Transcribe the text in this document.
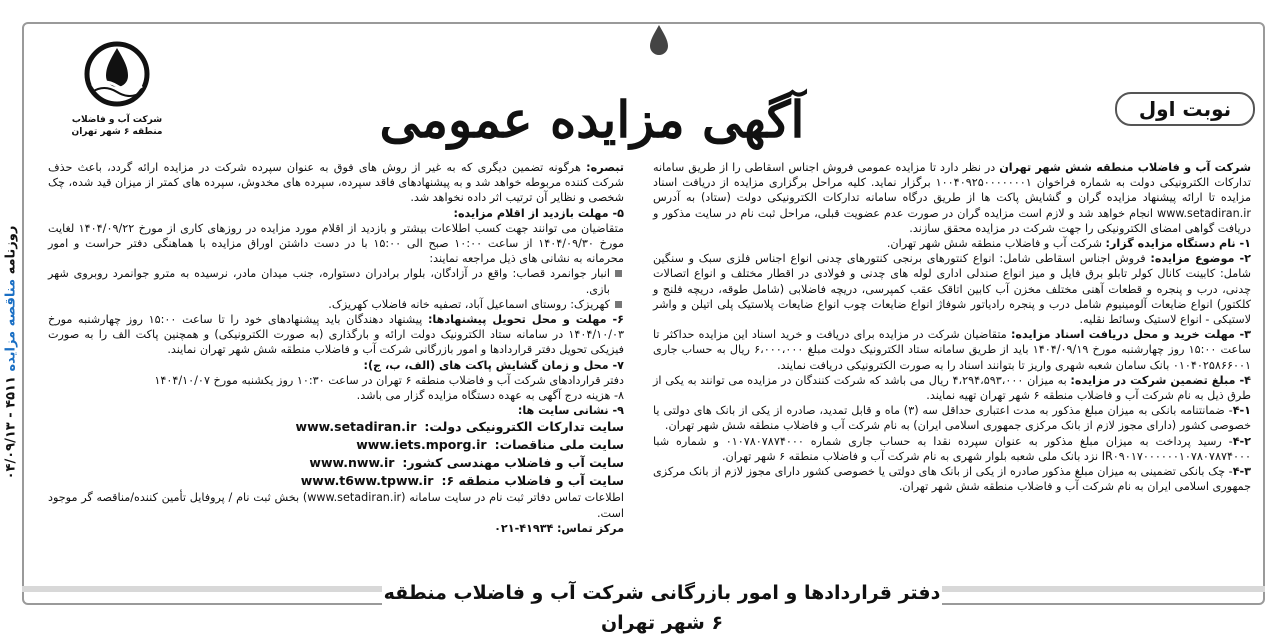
روزنامه مناقصه مزایده ۰۴/۰۹/۱۳ - ۴۵۱۱
آگهی مزایده عمومی	نوبت اول
شرکت آب و فاضلاب
منطقه ۶ شهر تهران

شرکت آب و فاضلاب منطقه شش شهر تهران در نظر دارد تا مزایده عمومی فروش اجناس اسقاطی را از طریق سامانه تدارکات الکترونیکی دولت به شماره فراخوان ۱۰۰۴۰۹۲۵۰۰۰۰۰۰۰۱ برگزار نماید. کلیه مراحل برگزاری مزایده از دریافت اسناد مزایده تا ارائه پیشنهاد مزایده گران و گشایش پاکت ها از طریق درگاه سامانه تدارکات الکترونیکی دولت (ستاد) به آدرس www.setadiran.ir انجام خواهد شد و لازم است مزایده گران در صورت عدم عضویت قبلی، مراحل ثبت نام در سایت مذکور و دریافت گواهی امضای الکترونیکی را جهت شرکت در مزایده محقق سازند.

۱- نام دستگاه مزایده گزار: شرکت آب و فاضلاب منطقه شش شهر تهران.

۲- موضوع مزایده: فروش اجناس اسقاطی شامل: انواع کنتورهای برنجی کنتورهای چدنی انواع اجناس فلزی سبک و سنگین شامل: کابینت کانال کولر تابلو برق فایل و میز انواع صندلی اداری لوله های چدنی و فولادی در اقطار مختلف و انواع اتصالات چدنی، درب و پنجره و قطعات آهنی مختلف مخزن آب کابین اتاقک عقب کمپرسی، دریچه فاضلابی (شامل طوقه، دریچه فلنج و کلکتور) انواع ضایعات آلومینیوم شامل درب و پنجره رادیاتور شوفاژ انواع ضایعات چوب انواع ضایعات پلاستیک پلی اتیلن و واشر لاستیکی - انواع لاستیک وسائط نقلیه.

۳- مهلت خرید و محل دریافت اسناد مزایده: متقاضیان شرکت در مزایده برای دریافت و خرید اسناد این مزایده حداکثر تا ساعت ۱۵:۰۰ روز چهارشنبه مورخ ۱۴۰۴/۰۹/۱۹ باید از طریق سامانه ستاد الکترونیک دولت مبلغ ۶،۰۰۰،۰۰۰ ریال به حساب جاری ۰۱۰۴۰۲۵۸۶۶۰۰۱ بانک سامان شعبه شهری واریز تا بتوانند اسناد را به صورت الکترونیکی دریافت نمایند.

۴- مبلغ تضمین شرکت در مزایده: به میزان ۴،۲۹۴،۵۹۳،۰۰۰ ریال می باشد که شرکت کنندگان در مزایده می توانند به یکی از طرق ذیل به نام شرکت آب و فاضلاب منطقه ۶ شهر تهران تهیه نمایند.

۴-۱- ضمانتنامه بانکی به میزان مبلغ مذکور به مدت اعتباری حداقل سه (۳) ماه و قابل تمدید، صادره از یکی از بانک های دولتی یا خصوصی کشور (دارای مجوز لازم از بانک مرکزی جمهوری اسلامی ایران) به نام شرکت آب و فاضلاب منطقه شش شهر تهران.

۴-۲- رسید پرداخت به میزان مبلغ مذکور به عنوان سپرده نقدا به حساب جاری شماره ۰۱۰۷۸۰۷۸۷۴۰۰۰ و شماره شبا IR۰۹۰۱۷۰۰۰۰۰۰۱۰۷۸۰۷۸۷۴۰۰۰ نزد بانک ملی شعبه بلوار شهری به نام شرکت آب و فاضلاب منطقه ۶ شهر تهران.

۴-۳- چک بانکی تضمینی به میزان مبلغ مذکور صادره از یکی از بانک های دولتی یا خصوصی کشور دارای مجوز لازم از بانک مرکزی جمهوری اسلامی ایران به نام شرکت آب و فاضلاب منطقه شش شهر تهران.

تبصره: هرگونه تضمین دیگری که به غیر از روش های فوق به عنوان سپرده شرکت در مزایده ارائه گردد، باعث حذف شرکت کننده مربوطه خواهد شد و به پیشنهادهای فاقد سپرده، سپرده های مخدوش، سپرده های کمتر از میزان قید شده، چک شخصی و نظایر آن ترتیب اثر داده نخواهد شد.

۵- مهلت بازدید از اقلام مزایده:

متقاضیان می توانند جهت کسب اطلاعات بیشتر و بازدید از اقلام مورد مزایده در روزهای کاری از مورخ ۱۴۰۴/۰۹/۲۲ لغایت مورخ ۱۴۰۴/۰۹/۳۰ از ساعت ۱۰:۰۰ صبح الی ۱۵:۰۰ با در دست داشتن اوراق مزایده با هماهنگی دفتر حراست و امور محرمانه به نشانی های ذیل مراجعه نمایند:

انبار جوانمرد قصاب: واقع در آزادگان، بلوار برادران دستواره، جنب میدان مادر، نرسیده به مترو جوانمرد روبروی شهر بازی.

کهریزک: روستای اسماعیل آباد، تصفیه خانه فاضلاب کهریزک.

۶- مهلت و محل تحویل پیشنهادها: پیشنهاد دهندگان باید پیشنهادهای خود را تا ساعت ۱۵:۰۰ روز چهارشنبه مورخ ۱۴۰۴/۱۰/۰۳ در سامانه ستاد الکترونیک دولت ارائه و بارگذاری (به صورت الکترونیکی) و همچنین پاکت الف را به صورت فیزیکی تحویل دفتر قراردادها و امور بازرگانی شرکت آب و فاضلاب منطقه شش شهر تهران نمایند.

۷- محل و زمان گشایش پاکت های (الف، ب، ج):

دفتر قراردادهای شرکت آب و فاضلاب منطقه ۶ تهران در ساعت ۱۰:۳۰ روز یکشنبه مورخ ۱۴۰۴/۱۰/۰۷

۸- هزینه درج آگهی به عهده دستگاه مزایده گزار می باشد.

۹- نشانی سایت ها:

سایت تدارکات الکترونیکی دولت:
www.setadiran.ir
سایت ملی مناقصات:
www.iets.mporg.ir
سایت آب و فاضلاب مهندسی کشور:
www.nww.ir
سایت آب و فاضلاب منطقه ۶:
www.t6ww.tpww.ir

اطلاعات تماس دفاتر ثبت نام در سایت سامانه (www.setadiran.ir) بخش ثبت نام / پروفایل تأمین کننده/مناقصه گر موجود است.

مرکز تماس: ۰۲۱-۴۱۹۳۴

دفتر قراردادها و امور بازرگانی شرکت آب و فاضلاب منطقه ۶ شهر تهران
